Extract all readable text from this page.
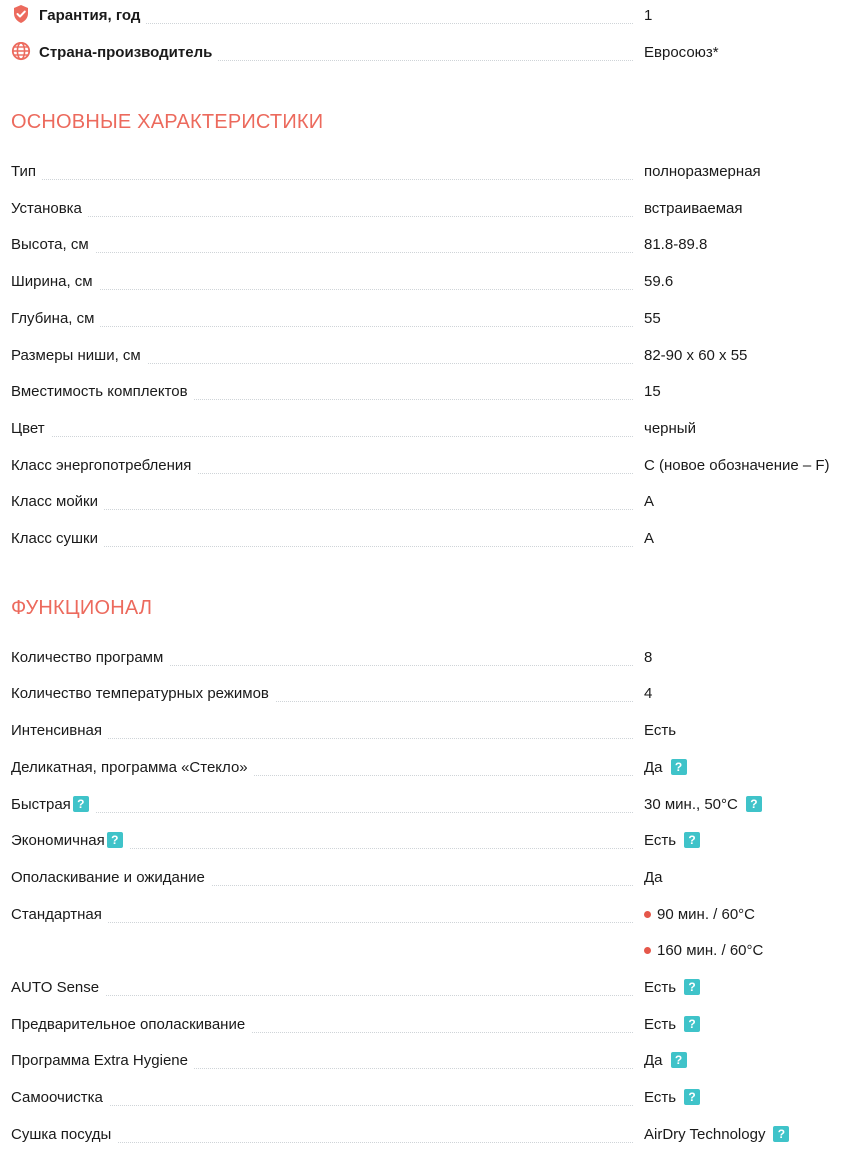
Гарантия, год	1
Страна-производитель	Евросоюз*
ОСНОВНЫЕ ХАРАКТЕРИСТИКИ
Тип	полноразмерная
Установка	встраиваемая
Высота, см	81.8-89.8
Ширина, см	59.6
Глубина, см	55
Размеры ниши, см	82-90 x 60 x 55
Вместимость комплектов	15
Цвет	черный
Класс энергопотребления	C (новое обозначение – F)
Класс мойки	A
Класс сушки	A
ФУНКЦИОНАЛ
Количество программ	8
Количество температурных режимов	4
Интенсивная	Есть
Деликатная, программа «Стекло»	Да ?
Быстрая ?	30 мин., 50°C ?
Экономичная ?	Есть ?
Ополаскивание и ожидание	Да
Стандартная	90 мин. / 60°C
160 мин. / 60°C
AUTO Sense	Есть ?
Предварительное ополаскивание	Есть ?
Программа Extra Hygiene	Да ?
Самоочистка	Есть ?
Сушка посуды	AirDry Technology ?
